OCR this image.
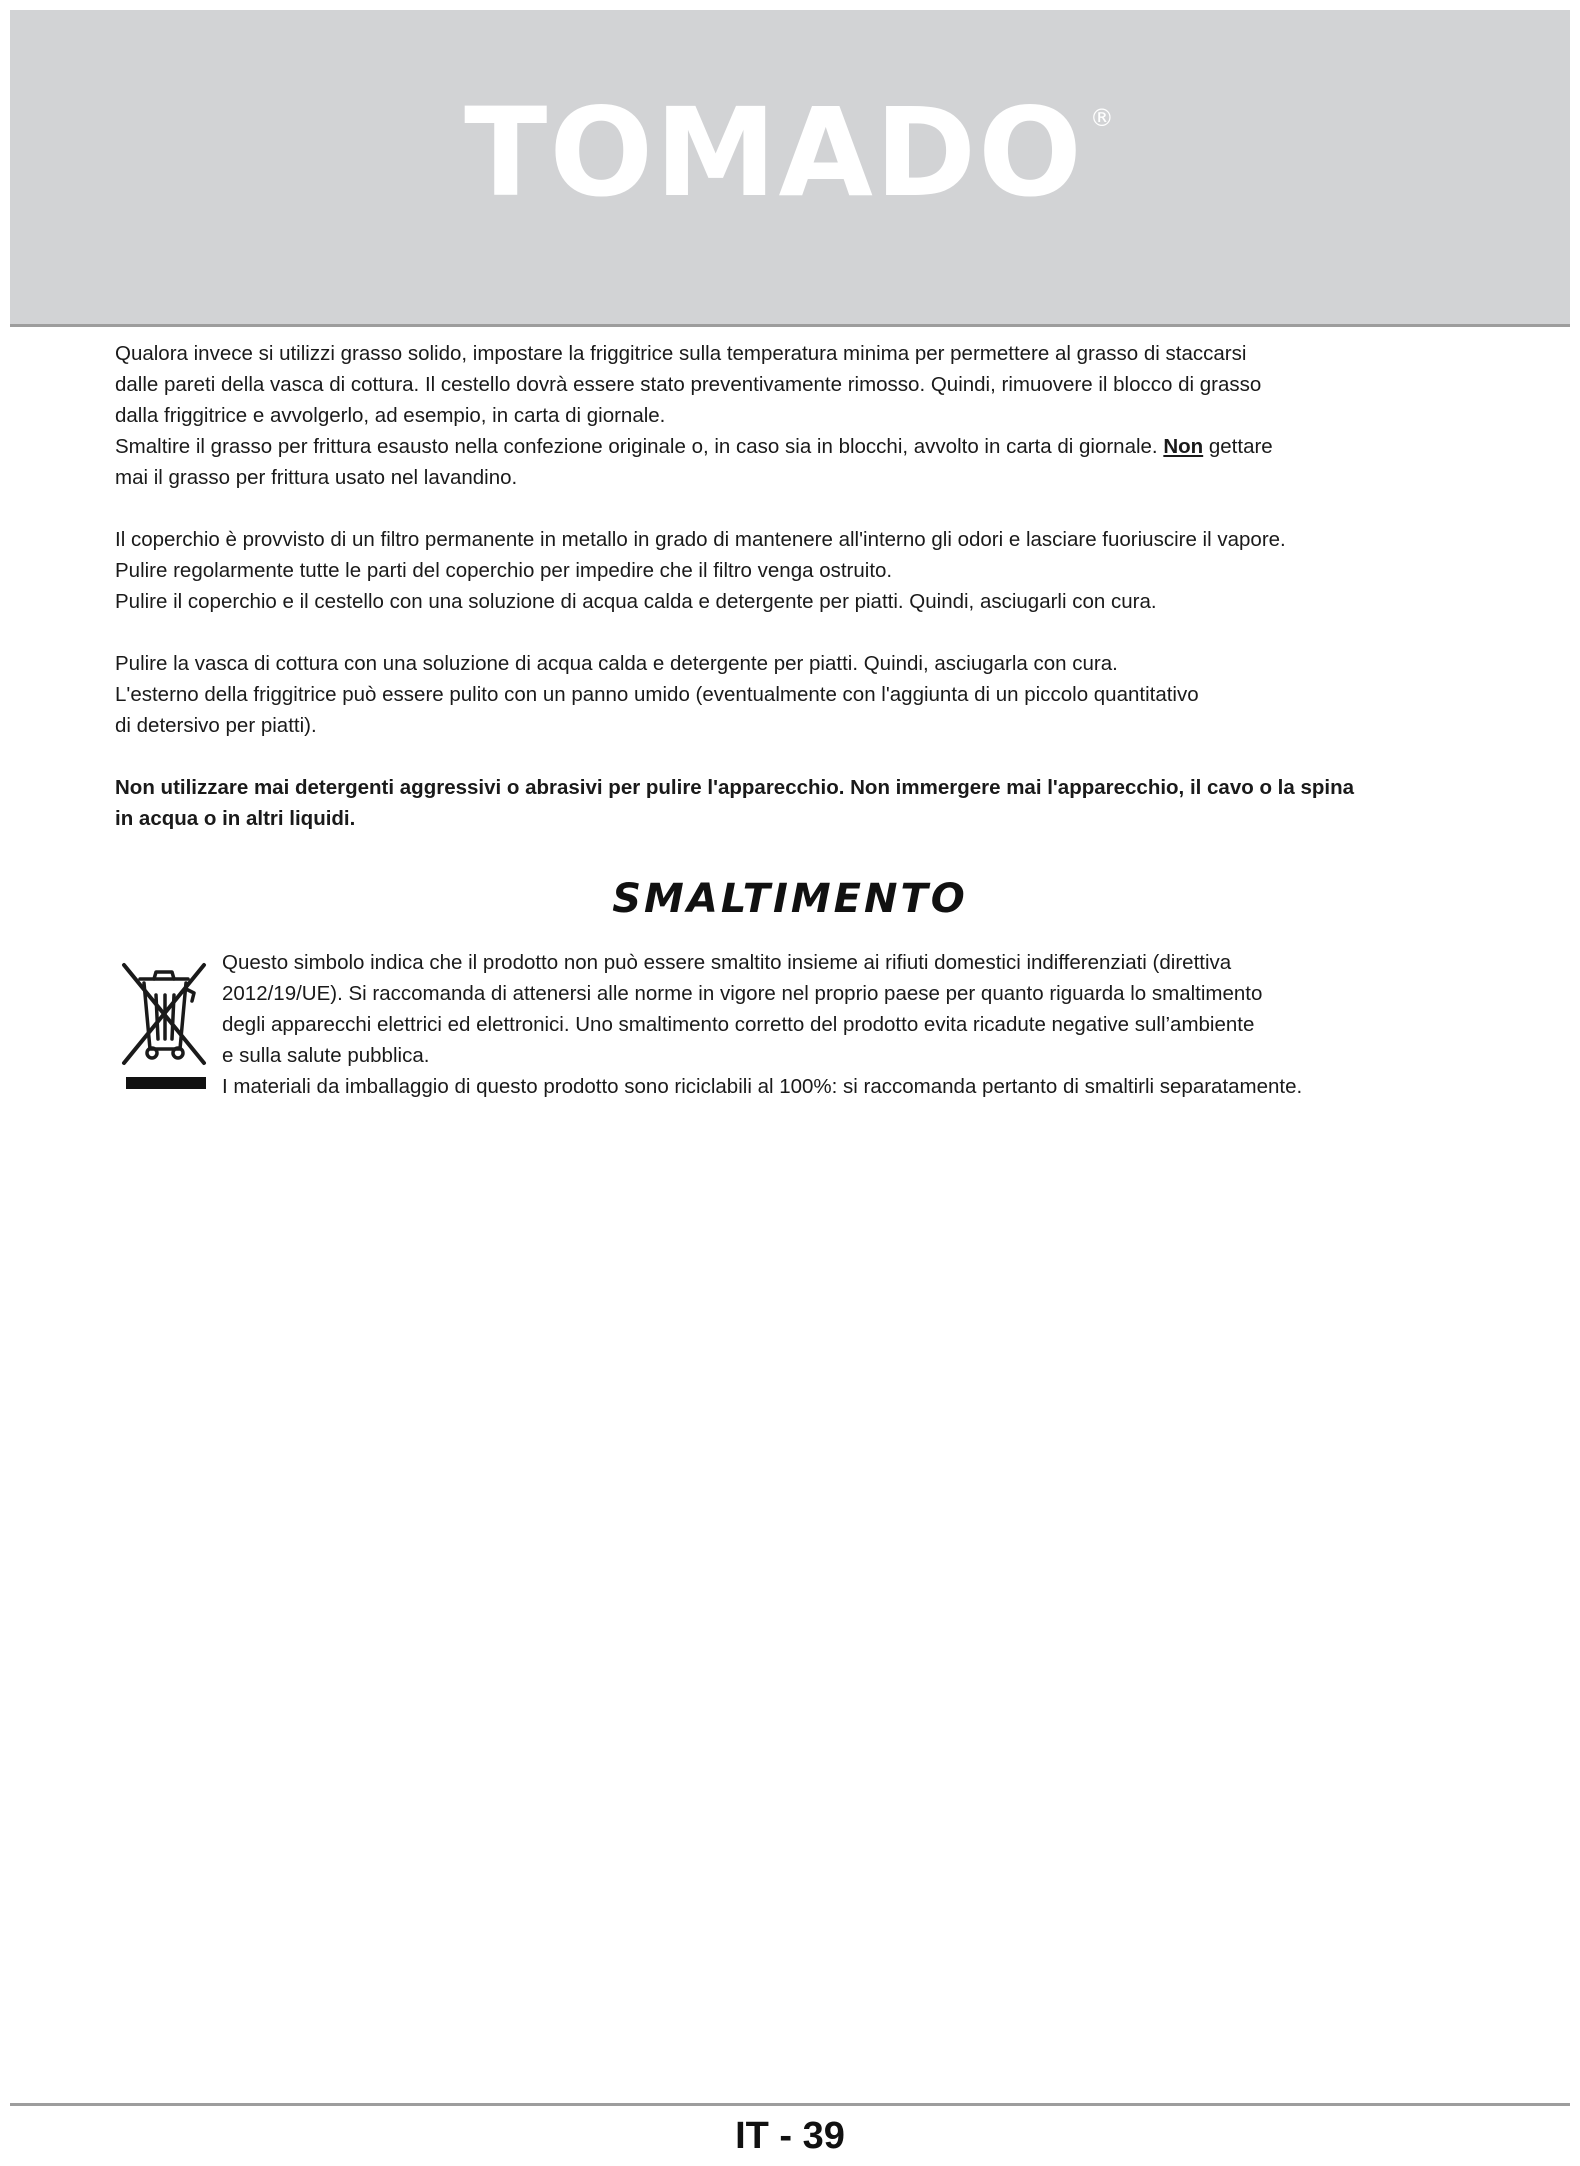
TOMADO ®

Qualora invece si utilizzi grasso solido, impostare la friggitrice sulla temperatura minima per permettere al grasso di staccarsi
dalle pareti della vasca di cottura. Il cestello dovrà essere stato preventivamente rimosso. Quindi, rimuovere il blocco di grasso
dalla friggitrice e avvolgerlo, ad esempio, in carta di giornale.
Smaltire il grasso per frittura esausto nella confezione originale o, in caso sia in blocchi, avvolto in carta di giornale. Non gettare
mai il grasso per frittura usato nel lavandino.

Il coperchio è provvisto di un filtro permanente in metallo in grado di mantenere all'interno gli odori e lasciare fuoriuscire il vapore.
Pulire regolarmente tutte le parti del coperchio per impedire che il filtro venga ostruito.
Pulire il coperchio e il cestello con una soluzione di acqua calda e detergente per piatti. Quindi, asciugarli con cura.

Pulire la vasca di cottura con una soluzione di acqua calda e detergente per piatti. Quindi, asciugarla con cura.
L'esterno della friggitrice può essere pulito con un panno umido (eventualmente con l'aggiunta di un piccolo quantitativo
di detersivo per piatti).

Non utilizzare mai detergenti aggressivi o abrasivi per pulire l'apparecchio. Non immergere mai l'apparecchio, il cavo o la spina
in acqua o in altri liquidi.

SMALTIMENTO

Questo simbolo indica che il prodotto non può essere smaltito insieme ai rifiuti domestici indifferenziati (direttiva
2012/19/UE). Si raccomanda di attenersi alle norme in vigore nel proprio paese per quanto riguarda lo smaltimento
degli apparecchi elettrici ed elettronici. Uno smaltimento corretto del prodotto evita ricadute negative sull’ambiente
e sulla salute pubblica.
I materiali da imballaggio di questo prodotto sono riciclabili al 100%: si raccomanda pertanto di smaltirli separatamente.

IT - 39
